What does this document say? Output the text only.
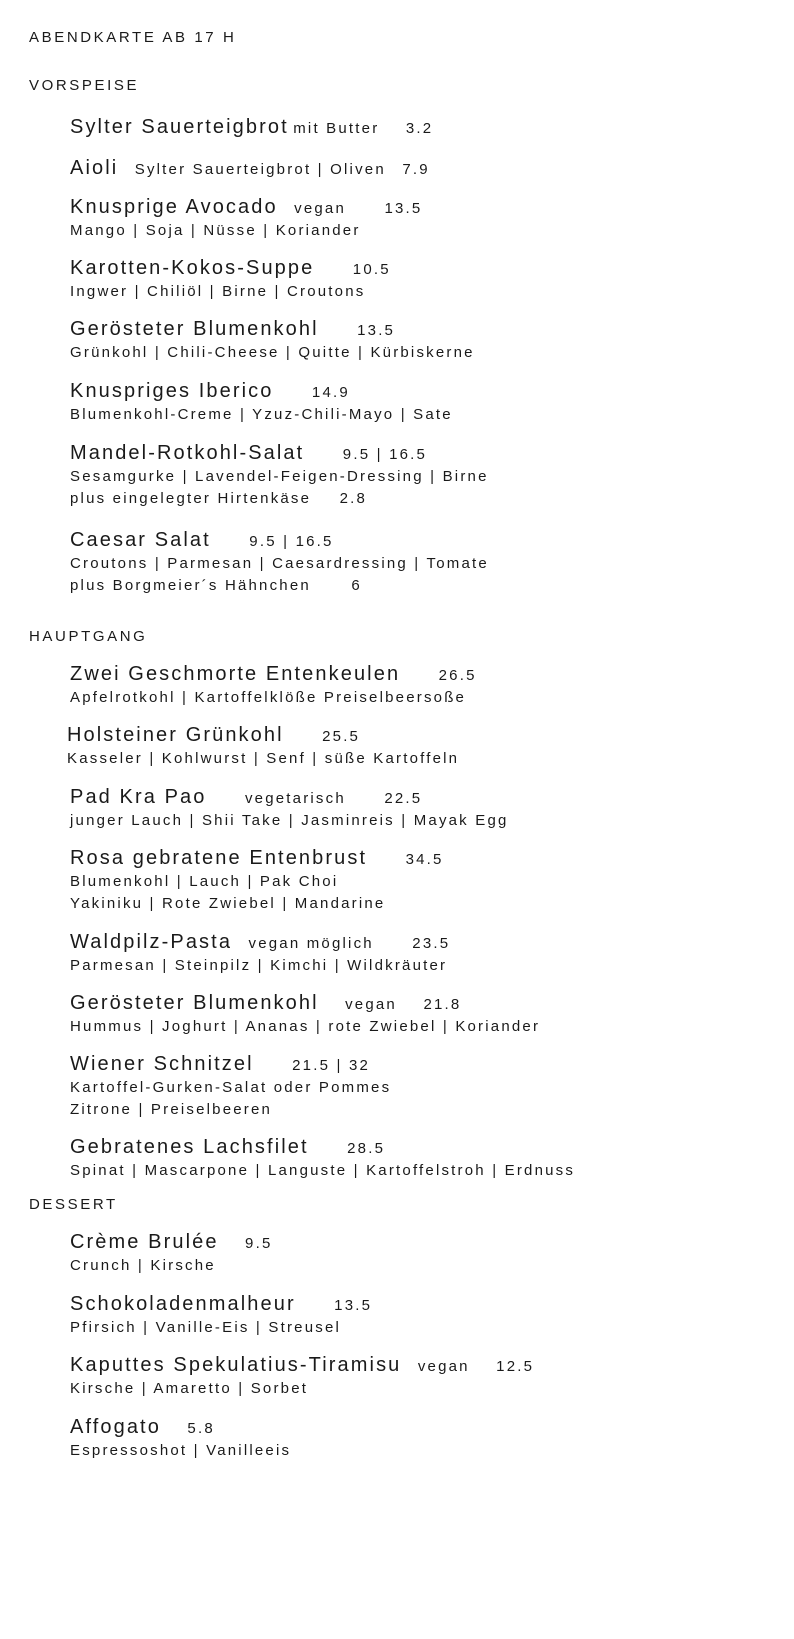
ABENDKARTE AB 17 H
VORSPEISE
Sylter Sauerteigbrot mit Butter 3.2
Aioli Sylter Sauerteigbrot | Oliven 7.9
Knusprige Avocado vegan	13.5
Mango | Soja | Nüsse | Koriander
Karotten-Kokos-Suppe	10.5
Ingwer | Chiliöl | Birne | Croutons
Gerösteter Blumenkohl	13.5
Grünkohl | Chili-Cheese | Quitte | Kürbiskerne
Knuspriges Iberico	14.9
Blumenkohl-Creme | Yzuz-Chili-Mayo | Sate
Mandel-Rotkohl-Salat	9.5 | 16.5
Sesamgurke | Lavendel-Feigen-Dressing | Birne
plus eingelegter Hirtenkäse 2.8
Caesar Salat	9.5 | 16.5
Croutons | Parmesan | Caesardressing | Tomate
plus Borgmeier´s Hähnchen	6
HAUPTGANG
Zwei Geschmorte Entenkeulen	26.5
Apfelrotkohl | Kartoffelklöße Preiselbeersoße
Holsteiner Grünkohl	25.5
Kasseler | Kohlwurst | Senf | süße Kartoffeln
Pad Kra Pao	vegetarisch	22.5
junger Lauch | Shii Take | Jasminreis | Mayak Egg
Rosa gebratene Entenbrust	34.5
Blumenkohl | Lauch | Pak Choi
Yakiniku | Rote Zwiebel | Mandarine
Waldpilz-Pasta vegan möglich	23.5
Parmesan | Steinpilz | Kimchi | Wildkräuter
Gerösteter Blumenkohl vegan 21.8
Hummus | Joghurt | Ananas | rote Zwiebel | Koriander
Wiener Schnitzel	21.5 | 32
Kartoffel-Gurken-Salat oder Pommes
Zitrone | Preiselbeeren
Gebratenes Lachsfilet	28.5
Spinat | Mascarpone | Languste | Kartoffelstroh | Erdnuss
DESSERT
Crème Brulée 9.5
Crunch | Kirsche
Schokoladenmalheur	13.5
Pfirsich | Vanille-Eis | Streusel
Kaputtes Spekulatius-Tiramisu vegan 12.5
Kirsche | Amaretto | Sorbet
Affogato 5.8
Espressoshot | Vanilleeis
